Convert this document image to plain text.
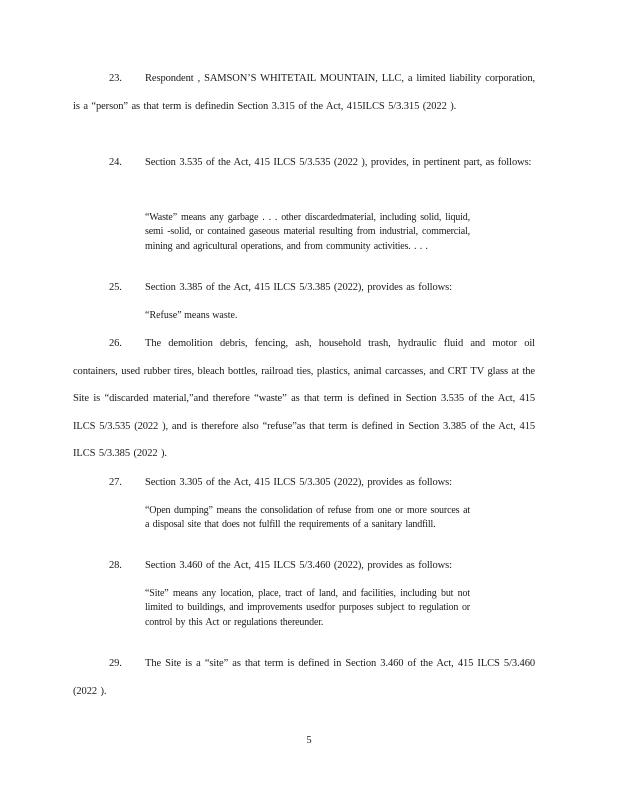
23. Respondent , SAMSON’S WHITETAIL MOUNTAIN, LLC, a limited liability corporation, is a “person” as that term is definedin Section 3.315 of the Act, 415ILCS 5/3.315 (2022 ).
24. Section 3.535 of the Act, 415 ILCS 5/3.535 (2022 ), provides, in pertinent part, as follows:
“Waste” means any garbage . . . other discardedmaterial, including solid, liquid, semi -solid, or contained gaseous material resulting from industrial, commercial, mining and agricultural operations, and from community activities. . . .
25. Section 3.385 of the Act, 415 ILCS 5/3.385 (2022), provides as follows:
“Refuse” means waste.
26. The demolition debris, fencing, ash, household trash, hydraulic fluid and motor oil containers, used rubber tires, bleach bottles, railroad ties, plastics, animal carcasses, and CRT TV glass at the Site is “discarded material,”and therefore “waste” as that term is defined in Section 3.535 of the Act, 415 ILCS 5/3.535 (2022 ), and is therefore also “refuse”as that term is defined in Section 3.385 of the Act, 415 ILCS 5/3.385 (2022 ).
27. Section 3.305 of the Act, 415 ILCS 5/3.305 (2022), provides as follows:
“Open dumping” means the consolidation of refuse from one or more sources at a disposal site that does not fulfill the requirements of a sanitary landfill.
28. Section 3.460 of the Act, 415 ILCS 5/3.460 (2022), provides as follows:
“Site” means any location, place, tract of land, and facilities, including but not limited to buildings, and improvements usedfor purposes subject to regulation or control by this Act or regulations thereunder.
29. The Site is a “site” as that term is defined in Section 3.460 of the Act, 415 ILCS 5/3.460 (2022 ).
5
